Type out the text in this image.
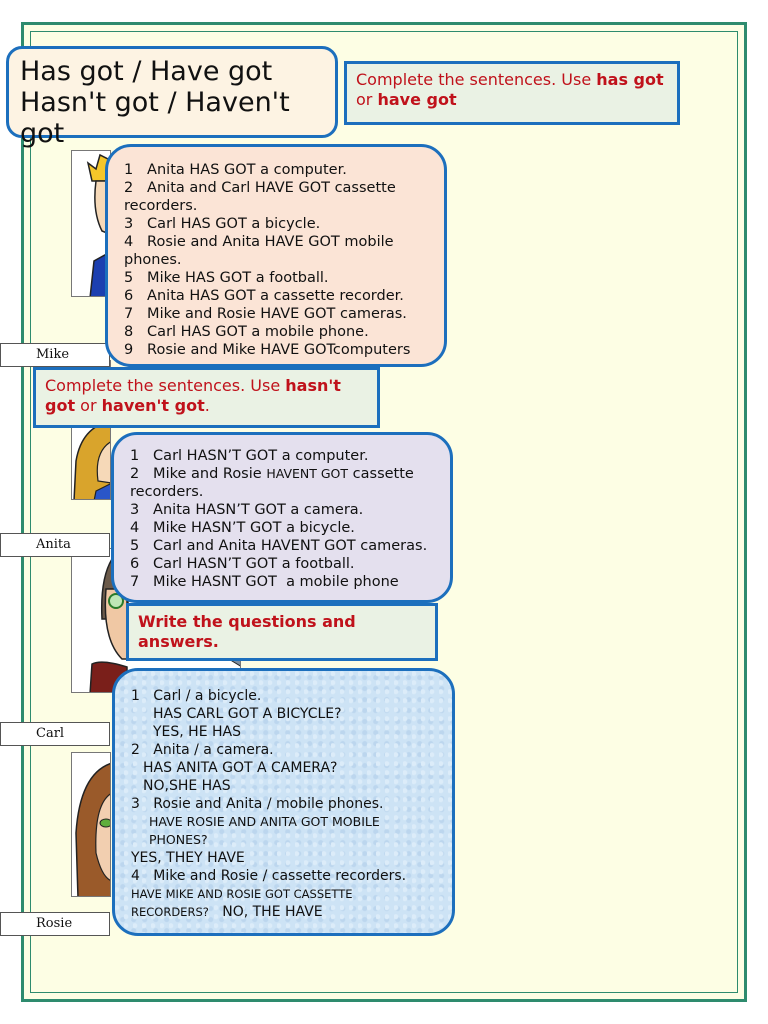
Mike
Anita
Carl
Rosie
Has got / Have got
Hasn't got / Haven't
got
Complete the sentences. Use has got or have got
1   Anita HAS GOT a computer.
2   Anita and Carl HAVE GOT cassette recorders.
3   Carl HAS GOT a bicycle.
4   Rosie and Anita HAVE GOT mobile phones.
5   Mike HAS GOT a football.
6   Anita HAS GOT a cassette recorder.
7   Mike and Rosie HAVE GOT cameras.
8   Carl HAS GOT a mobile phone.
9   Rosie and Mike HAVE GOTcomputers
Complete the sentences. Use hasn't got or haven't got.
1   Carl HASN’T GOT a computer.
2   Mike and Rosie HAVENT GOT cassette recorders.
3   Anita HASN’T GOT a camera.
4   Mike HASN’T GOT a bicycle.
5   Carl and Anita HAVENT GOT cameras.
6   Carl HASN’T GOT a football.
7   Mike HASNT GOT  a mobile phone
Write the questions and answers.
1   Carl / a bicycle.
HAS CARL GOT A BICYCLE?
YES, HE HAS
2   Anita / a camera.
HAS ANITA GOT A CAMERA?
NO,SHE HAS
3   Rosie and Anita / mobile phones.
HAVE ROSIE AND ANITA GOT MOBILE PHONES?
YES, THEY HAVE
4   Mike and Rosie / cassette recorders.
HAVE MIKE AND ROSIE GOT CASSETTE RECORDERS? NO, THE HAVE
